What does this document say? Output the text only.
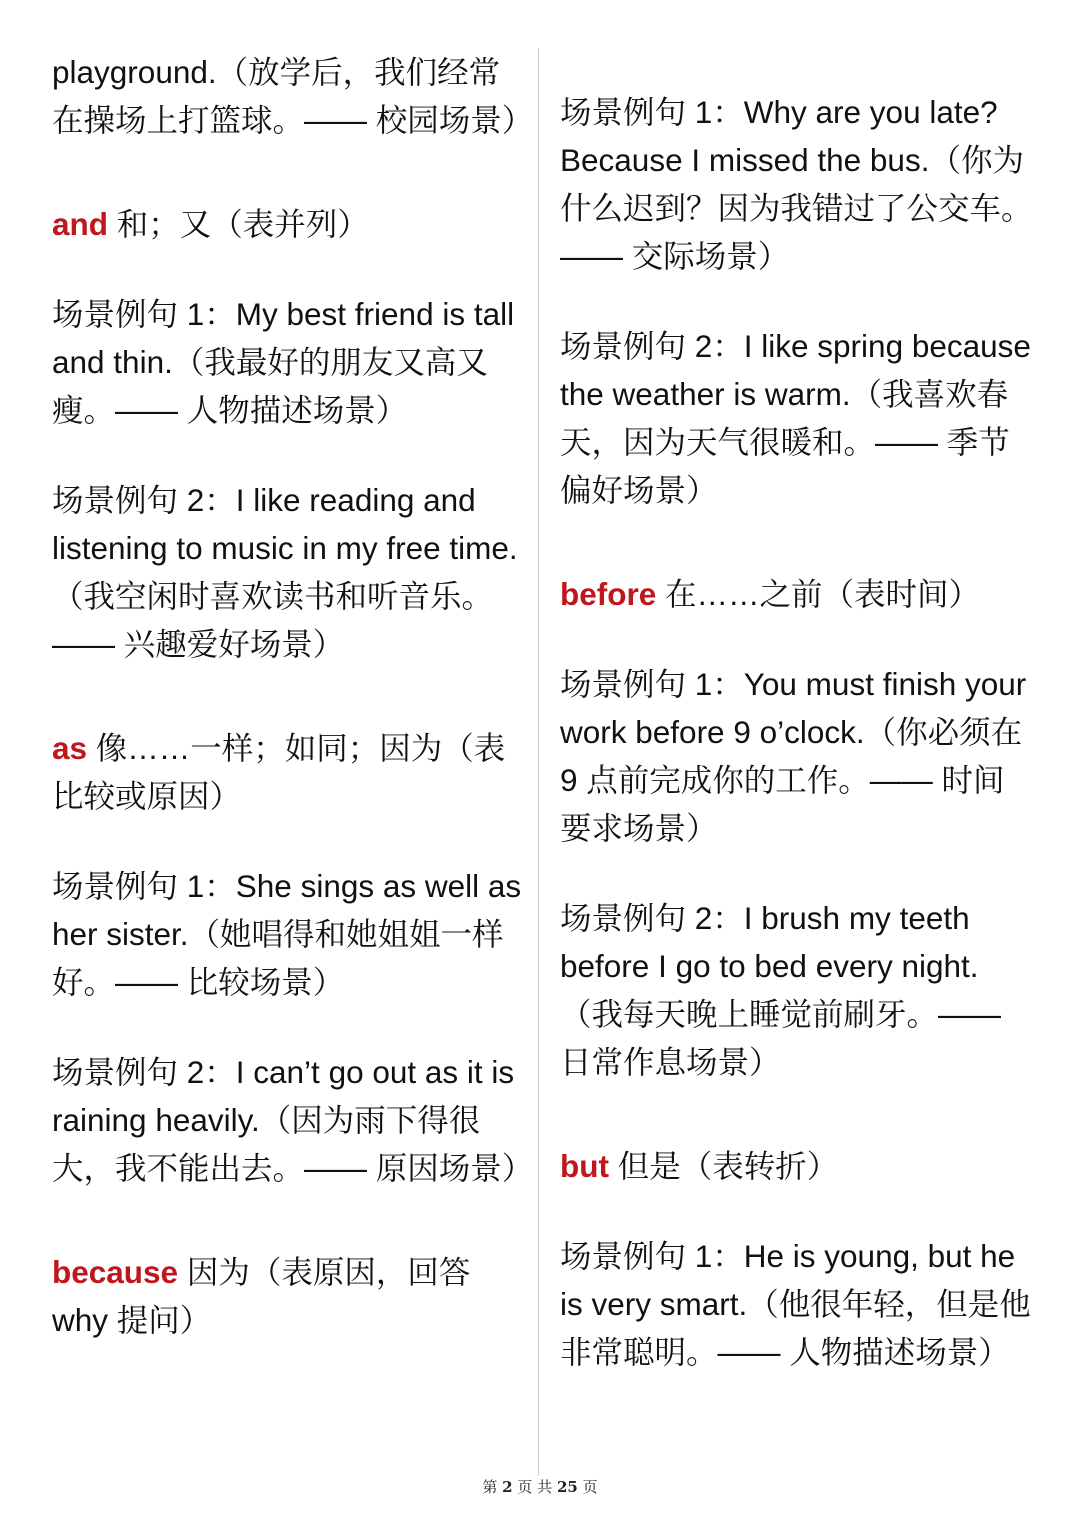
playground.（放学后，我们经常在操场上打篮球。—— 校园场景）

and 和；又（表并列）

场景例句 1：My best friend is tall and thin.（我最好的朋友又高又瘦。—— 人物描述场景）

场景例句 2：I like reading and listening to music in my free time.（我空闲时喜欢读书和听音乐。—— 兴趣爱好场景）

as 像……一样；如同；因为（表比较或原因）

场景例句 1：She sings as well as her sister.（她唱得和她姐姐一样好。—— 比较场景）

场景例句 2：I can’t go out as it is raining heavily.（因为雨下得很大，我不能出去。—— 原因场景）

because 因为（表原因，回答 why 提问）

场景例句 1：Why are you late? Because I missed the bus.（你为什么迟到？因为我错过了公交车。—— 交际场景）

场景例句 2：I like spring because the weather is warm.（我喜欢春天，因为天气很暖和。—— 季节偏好场景）

before 在……之前（表时间）

场景例句 1：You must finish your work before 9 o’clock.（你必须在 9 点前完成你的工作。—— 时间要求场景）

场景例句 2：I brush my teeth before I go to bed every night.（我每天晚上睡觉前刷牙。—— 日常作息场景）

but 但是（表转折）

场景例句 1：He is young, but he is very smart.（他很年轻，但是他非常聪明。—— 人物描述场景）

第 2 页 共 25 页
